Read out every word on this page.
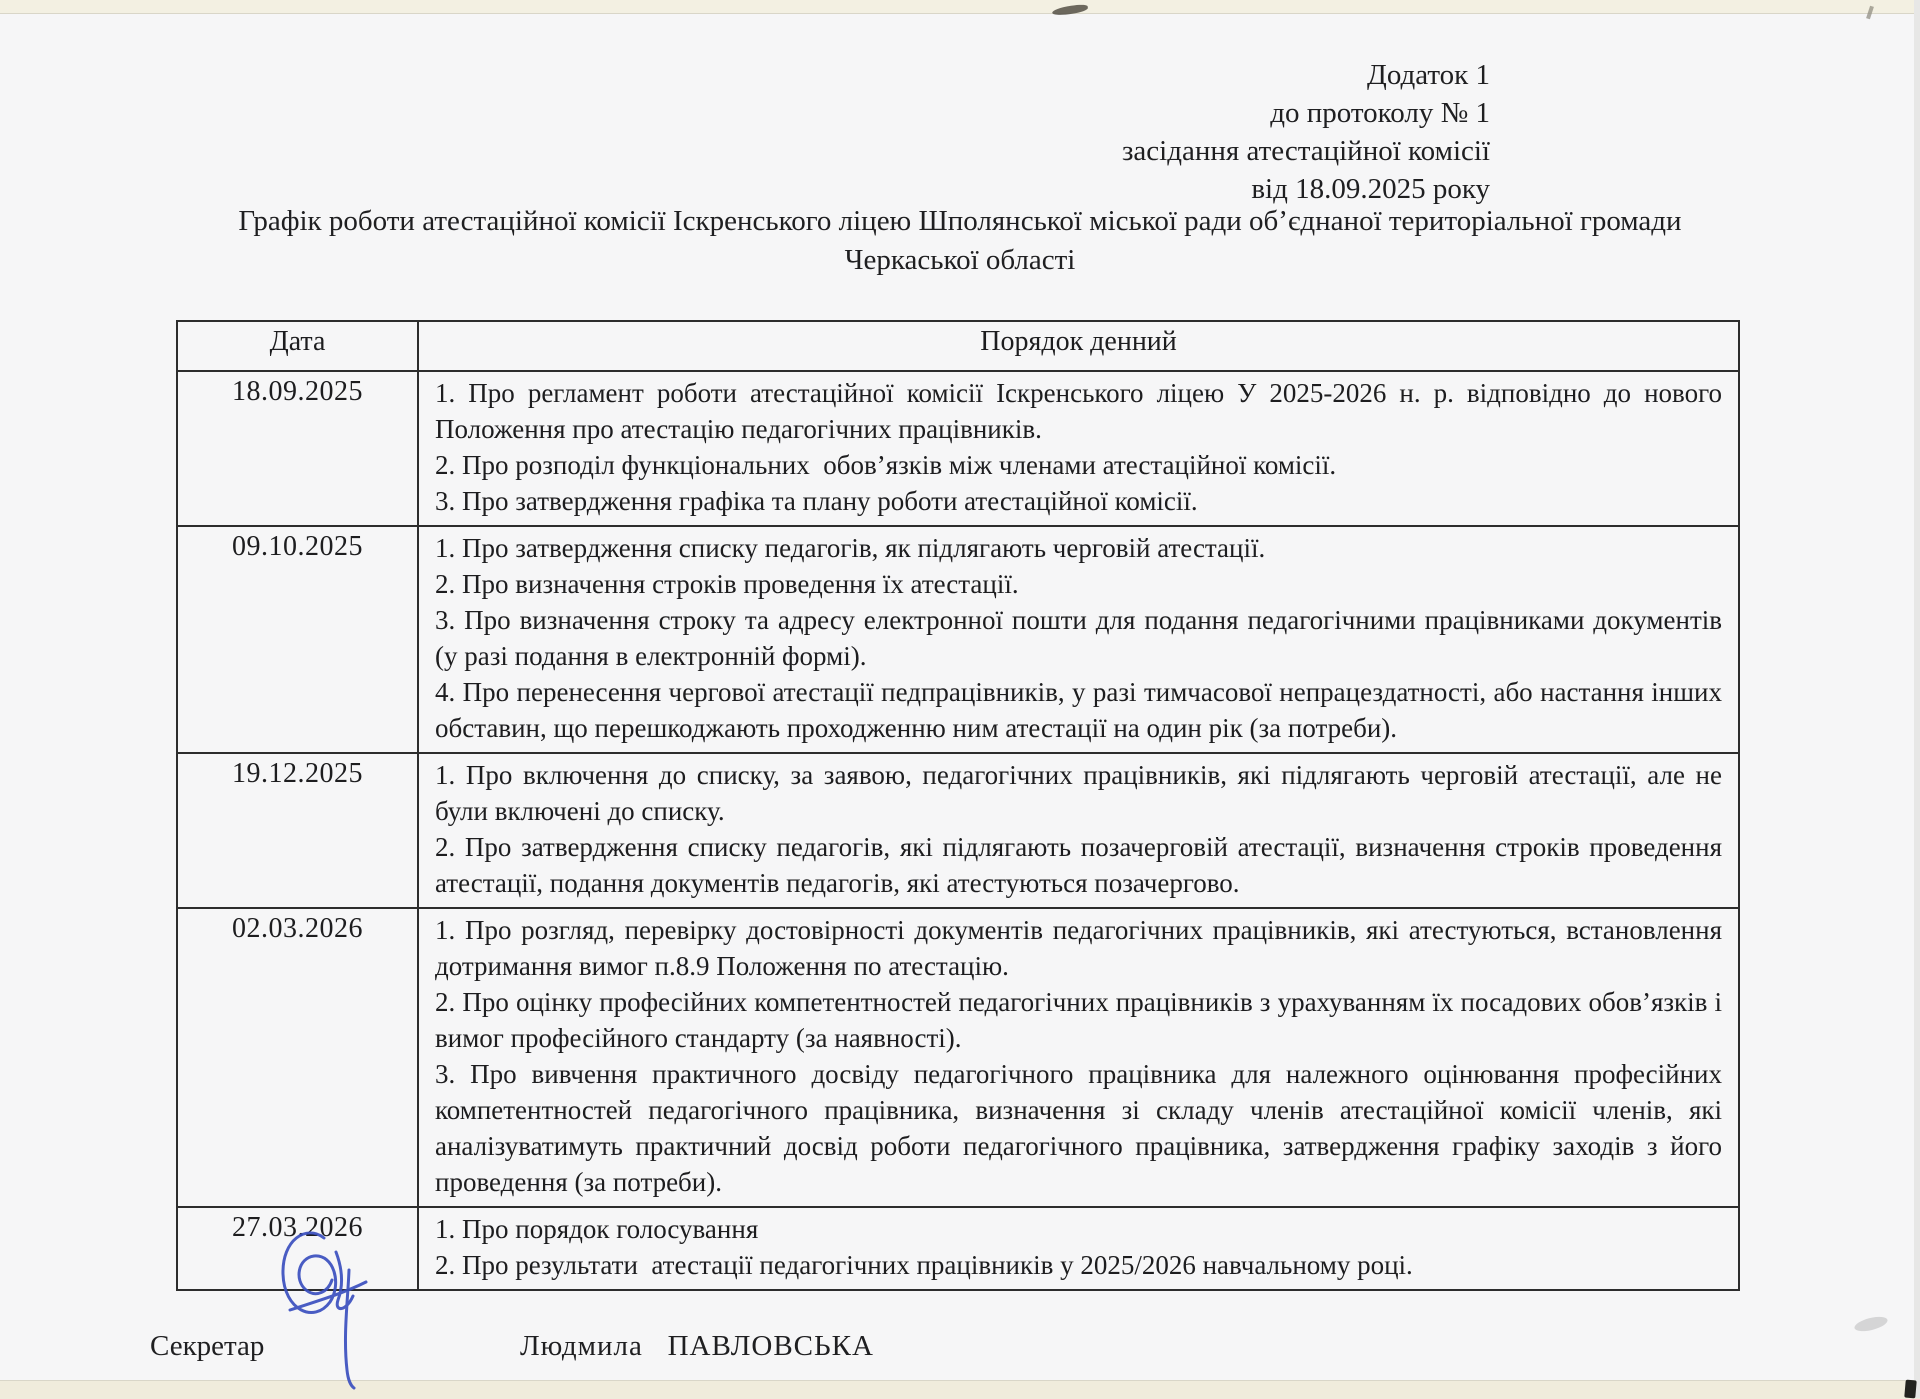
Додаток 1
до протоколу № 1
засідання атестаційної комісії
від 18.09.2025 року
Графік роботи атестаційної комісії Іскренського ліцею Шполянської міської ради об’єднаної територіальної громади
Черкаської області
Дата	Порядок денний
18.09.2025	1. Про регламент роботи атестаційної комісії Іскренського ліцею У 2025-2026 н. р. відповідно до нового Положення про атестацію педагогічних працівників.

2. Про розподіл функціональних  обов’язків між членами атестаційної комісії.

3. Про затвердження графіка та плану роботи атестаційної комісії.

09.10.2025	1. Про затвердження списку педагогів, як підлягають черговій атестації.

2. Про визначення строків проведення їх атестації.

3. Про визначення строку та адресу електронної пошти для подання педагогічними працівниками документів (у разі подання в електронній формі).

4. Про перенесення чергової атестації педпрацівників, у разі тимчасової непрацездатності, або настання інших обставин, що перешкоджають проходженню ним атестації на один рік (за потреби).

19.12.2025	1. Про включення до списку, за заявою, педагогічних працівників, які підлягають черговій атестації, але не були включені до списку.

2. Про затвердження списку педагогів, які підлягають позачерговій атестації, визначення строків проведення атестації, подання документів педагогів, які атестуються позачергово.

02.03.2026	1. Про розгляд, перевірку достовірності документів педагогічних працівників, які атестуються, встановлення дотримання вимог п.8.9 Положення по атестацію.

2. Про оцінку професійних компетентностей педагогічних працівників з урахуванням їх посадових обов’язків і вимог професійного стандарту (за наявності).

3. Про вивчення практичного досвіду педагогічного працівника для належного оцінювання професійних компетентностей педагогічного працівника, визначення зі складу членів атестаційної комісії членів, які аналізуватимуть практичний досвід роботи педагогічного працівника, затвердження графіку заходів з його проведення (за потреби).

27.03.2026	1. Про порядок голосування

2. Про результати  атестації педагогічних працівників у 2025/2026 навчальному році.

Секретар	Людмила   ПАВЛОВСЬКА
